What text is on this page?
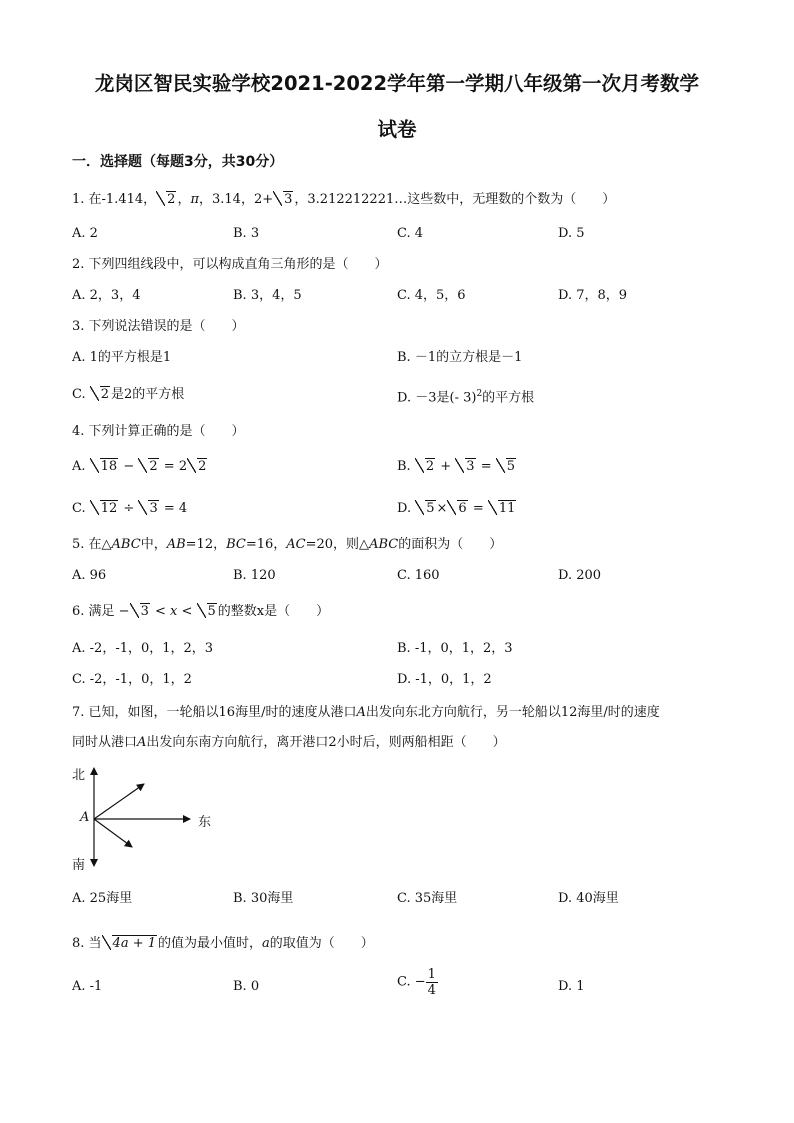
龙岗区智民实验学校2021-2022学年第一学期八年级第一次月考数学
试卷
一．选择题（每题3分，共30分）
1. 在-1.414， 2 ，π，3.14，2+ 3 ，3.212212221…这些数中，无理数的个数为（　　）
A. 2	B. 3	C. 4	D. 5
2. 下列四组线段中，可以构成直角三角形的是（　　）
A. 2，3，4	B. 3，4，5	C. 4，5，6	D. 7，8，9
3. 下列说法错误的是（　　）
A. 1的平方根是1	B. －1的立方根是－1
C. 2 是2的平方根	D. －3是(- 3)$^2$的平方根
4. 下列计算正确的是（　　）
A. 18 − 2 = 2 2	B. 2 + 3 = 5
C. 12 ÷ 3 = 4	D. 5 × 6 = 11
5. 在△ABC中，AB=12，BC=16，AC=20，则△ABC的面积为（　　）
A. 96	B. 120	C. 160	D. 200
6. 满足 − 3 < x < 5 的整数x是（　　）
A. -2，-1，0，1，2，3	B. -1，0，1，2，3
C. -2，-1，0，1，2	D. -1，0，1，2
7. 已知，如图，一轮船以16海里/时的速度从港口A出发向东北方向航行，另一轮船以12海里/时的速度
同时从港口A出发向东南方向航行，离开港口2小时后，则两船相距（　　）
北
南
东
A
A. 25海里	B. 30海里	C. 35海里	D. 40海里
8. 当 4a + 1 的值为最小值时，a的取值为（　　）
A. -1	B. 0	C. − $\frac{1}{4}$	D. 1
